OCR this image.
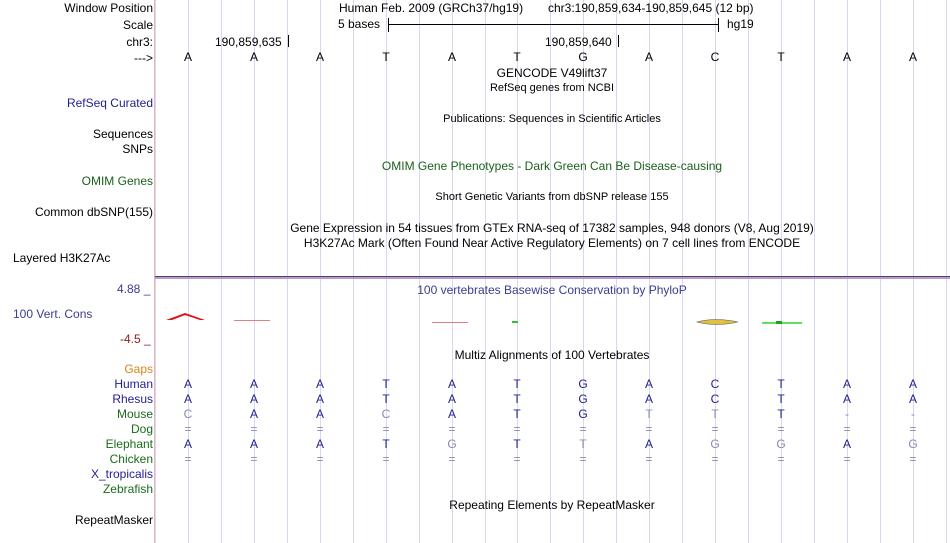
Window Position	Human Feb. 2009 (GRCh37/hg19) chr3:190,859,634-190,859,645 (12 bp)
Scale	5 bases	hg19
chr3:	190,859,635	190,859,640
--->	A	A	A	T	A	T	G	A	C	T	A	A
GENCODE V49lift37
RefSeq genes from NCBI
RefSeq Curated
Publications: Sequences in Scientific Articles
Sequences
SNPs
OMIM Gene Phenotypes - Dark Green Can Be Disease-causing
OMIM Genes
Short Genetic Variants from dbSNP release 155
Common dbSNP(155)
Gene Expression in 54 tissues from GTEx RNA-seq of 17382 samples, 948 donors (V8, Aug 2019)
H3K27Ac Mark (Often Found Near Active Regulatory Elements) on 7 cell lines from ENCODE
Layered H3K27Ac
4.88 _	100 vertebrates Basewise Conservation by PhyloP
100 Vert. Cons
-4.5 _
Multiz Alignments of 100 Vertebrates
Gaps
Human	A	A	A	T	A	T	G	A	C	T	A	A
Rhesus	A	A	A	T	A	T	G	A	C	T	A	A
Mouse	C	A	A	C	A	T	G	T	T	T	-	-
Dog	=	=	=	=	=	=	=	=	=	=	=	=
Elephant	A	A	A	T	G	T	T	A	G	G	A	G
Chicken	=	=	=	=	=	=	=	=	=	=	=	=
X_tropicalis
Zebrafish
Repeating Elements by RepeatMasker
RepeatMasker
